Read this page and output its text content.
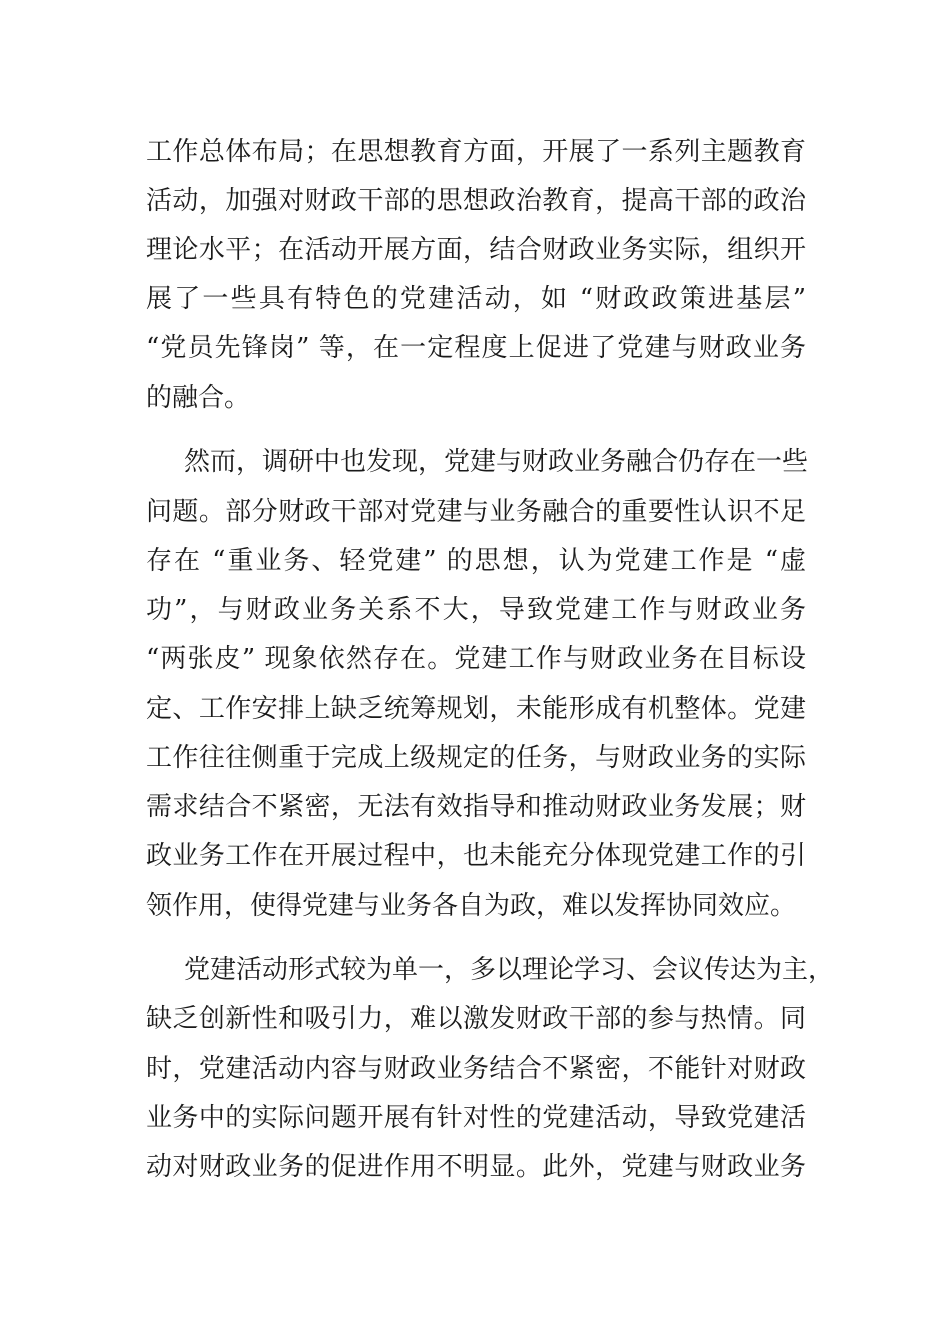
工作总体布局；在思想教育方面，开展了一系列主题教育
活动，加强对财政干部的思想政治教育，提高干部的政治
理论水平；在活动开展方面，结合财政业务实际，组织开
展了一些具有特色的党建活动，如 “财政政策进基层”
“党员先锋岗” 等，在一定程度上促进了党建与财政业务
的融合。
然而，调研中也发现，党建与财政业务融合仍存在一些
问题。部分财政干部对党建与业务融合的重要性认识不足
存在 “重业务、轻党建” 的思想，认为党建工作是 “虚
功”，与财政业务关系不大，导致党建工作与财政业务
“两张皮” 现象依然存在。党建工作与财政业务在目标设
定、工作安排上缺乏统筹规划，未能形成有机整体。党建
工作往往侧重于完成上级规定的任务，与财政业务的实际
需求结合不紧密，无法有效指导和推动财政业务发展；财
政业务工作在开展过程中，也未能充分体现党建工作的引
领作用，使得党建与业务各自为政，难以发挥协同效应。
党建活动形式较为单一，多以理论学习、会议传达为主，
缺乏创新性和吸引力，难以激发财政干部的参与热情。同
时，党建活动内容与财政业务结合不紧密，不能针对财政
业务中的实际问题开展有针对性的党建活动，导致党建活
动对财政业务的促进作用不明显。此外，党建与财政业务
